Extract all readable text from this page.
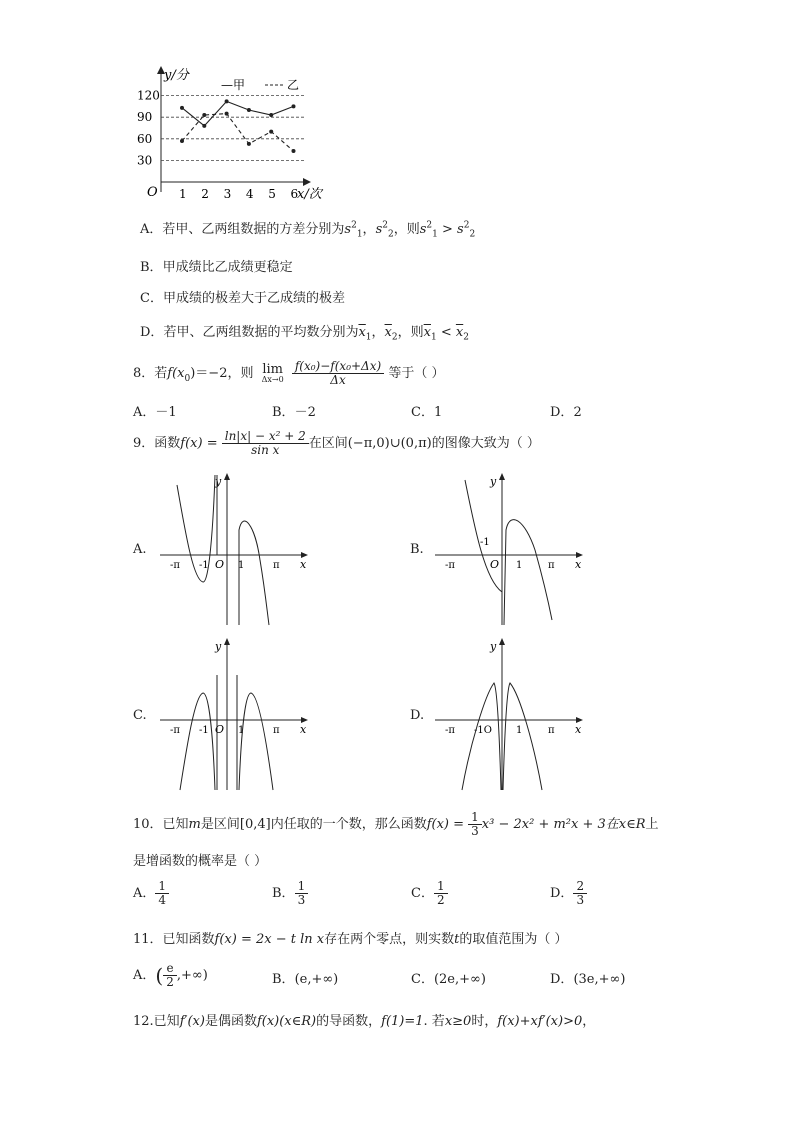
120
90
60
30
1 2 3 4 5 6
y/分
O	x/次
—甲	乙
A．若甲、乙两组数据的方差分别为$s^2_1$，$s^2_2$，则$s^2_1 > s^2_2$
B．甲成绩比乙成绩更稳定
C．甲成绩的极差大于乙成绩的极差
D．若甲、乙两组数据的平均数分别为$\overline{x}_1$，$\overline{x}_2$，则$\overline{x}_1 < \overline{x}_2$
8．若$f(x_0)=-2$，则 lim
Δx→0
$\frac{\text{f(x₀)−f(x₀+Δx)}}{\Delta x}$ 等于（ ）
A．－1	B．－2	C．1	D．2
9．函数$f(x) = \frac{\text{ln|x| − x² + 2}}{\text{sin x}}$ 在区间(−π,0)∪(0,π)的图像大致为（ ）
A.
y
x
-π -1 O 1	π
B.
y
x
-π
-1
O 1	π
C.
y
x
-π -1 O 1	π
D.
y
x
-π -1O 1	π
10．已知m是区间[0,4]内任取的一个数，那么函数$f(x) = \frac{1}{3} x^3 - 2x^2 + m^2x + 3$在x∈R上
是增函数的概率是（ ）
A． $\frac{1}{4}$	B． $\frac{1}{3}$	C． $\frac{1}{2}$	D． $\frac{2}{3}$
11．已知函数f(x) = 2x − t ln x存在两个零点，则实数t的取值范围为（ ）
A．( $\frac{e}{2}$ ,+∞)	B．(e,+∞)	C．(2e,+∞)	D．(3e,+∞)
12.已知f′(x)是偶函数f(x)(x∈R)的导函数，f(1)=1. 若x≥0时，f(x)+xf′(x)>0，
